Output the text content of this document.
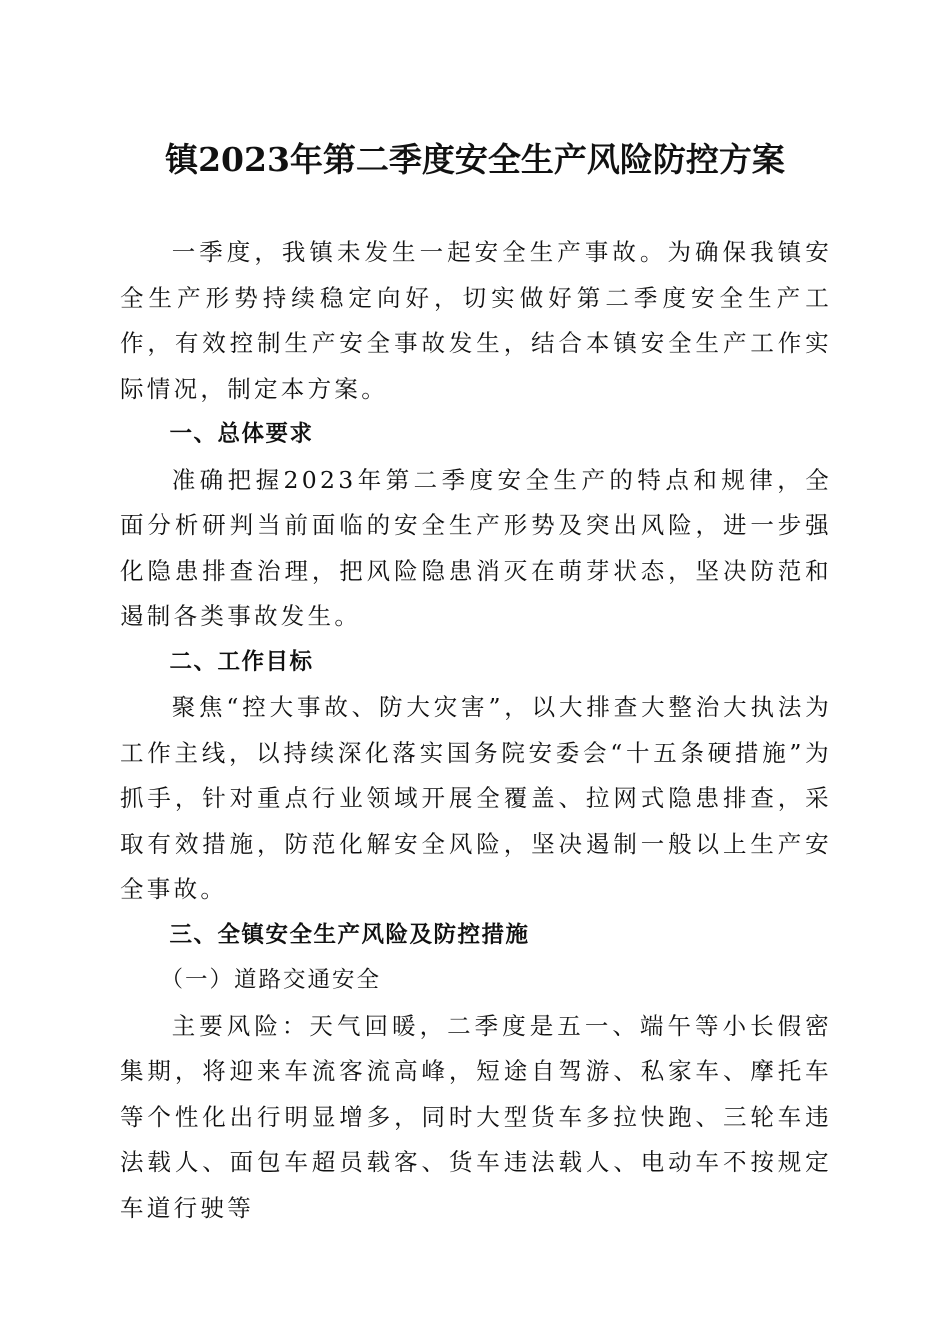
镇2023年第二季度安全生产风险防控方案

一季度，我镇未发生一起安全生产事故。为确保我镇安全生产形势持续稳定向好，切实做好第二季度安全生产工作，有效控制生产安全事故发生，结合本镇安全生产工作实际情况，制定本方案。

一、总体要求

准确把握2023年第二季度安全生产的特点和规律，全面分析研判当前面临的安全生产形势及突出风险，进一步强化隐患排查治理，把风险隐患消灭在萌芽状态，坚决防范和遏制各类事故发生。

二、工作目标

聚焦“控大事故、防大灾害”，以大排查大整治大执法为工作主线，以持续深化落实国务院安委会“十五条硬措施”为抓手，针对重点行业领域开展全覆盖、拉网式隐患排查，采取有效措施，防范化解安全风险，坚决遏制一般以上生产安全事故。

三、全镇安全生产风险及防控措施

（一）道路交通安全

主要风险：天气回暖，二季度是五一、端午等小长假密集期，将迎来车流客流高峰，短途自驾游、私家车、摩托车等个性化出行明显增多，同时大型货车多拉快跑、三轮车违法载人、面包车超员载客、货车违法载人、电动车不按规定车道行驶等
